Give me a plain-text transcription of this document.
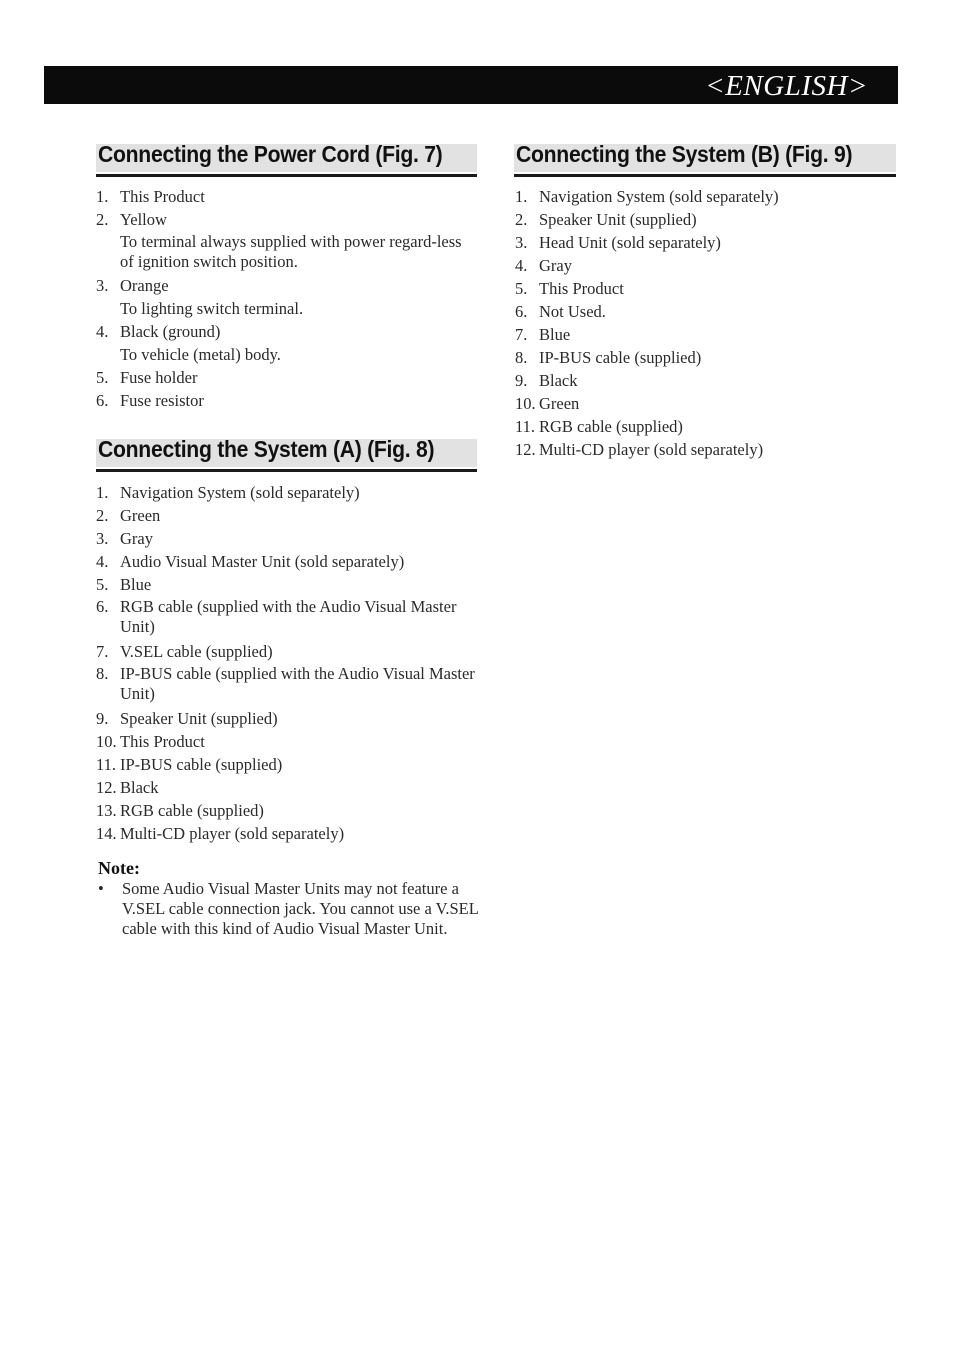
<ENGLISH>
Connecting the Power Cord (Fig. 7)
1. This Product
2. Yellow
To terminal always supplied with power regard-less of ignition switch position.
3. Orange
To lighting switch terminal.
4. Black (ground)
To vehicle (metal) body.
5. Fuse holder
6. Fuse resistor
Connecting the System (A) (Fig. 8)
1. Navigation System (sold separately)
2. Green
3. Gray
4. Audio Visual Master Unit (sold separately)
5. Blue
6. RGB cable (supplied with the Audio Visual Master Unit)
7. V.SEL cable (supplied)
8. IP-BUS cable (supplied with the Audio Visual Master Unit)
9. Speaker Unit (supplied)
10. This Product
11. IP-BUS cable (supplied)
12. Black
13. RGB cable (supplied)
14. Multi-CD player (sold separately)
Note:
• Some Audio Visual Master Units may not feature a V.SEL cable connection jack. You cannot use a V.SEL cable with this kind of Audio Visual Master Unit.
Connecting the System (B) (Fig. 9)
1. Navigation System (sold separately)
2. Speaker Unit (supplied)
3. Head Unit (sold separately)
4. Gray
5. This Product
6. Not Used.
7. Blue
8. IP-BUS cable (supplied)
9. Black
10. Green
11. RGB cable (supplied)
12. Multi-CD player (sold separately)
